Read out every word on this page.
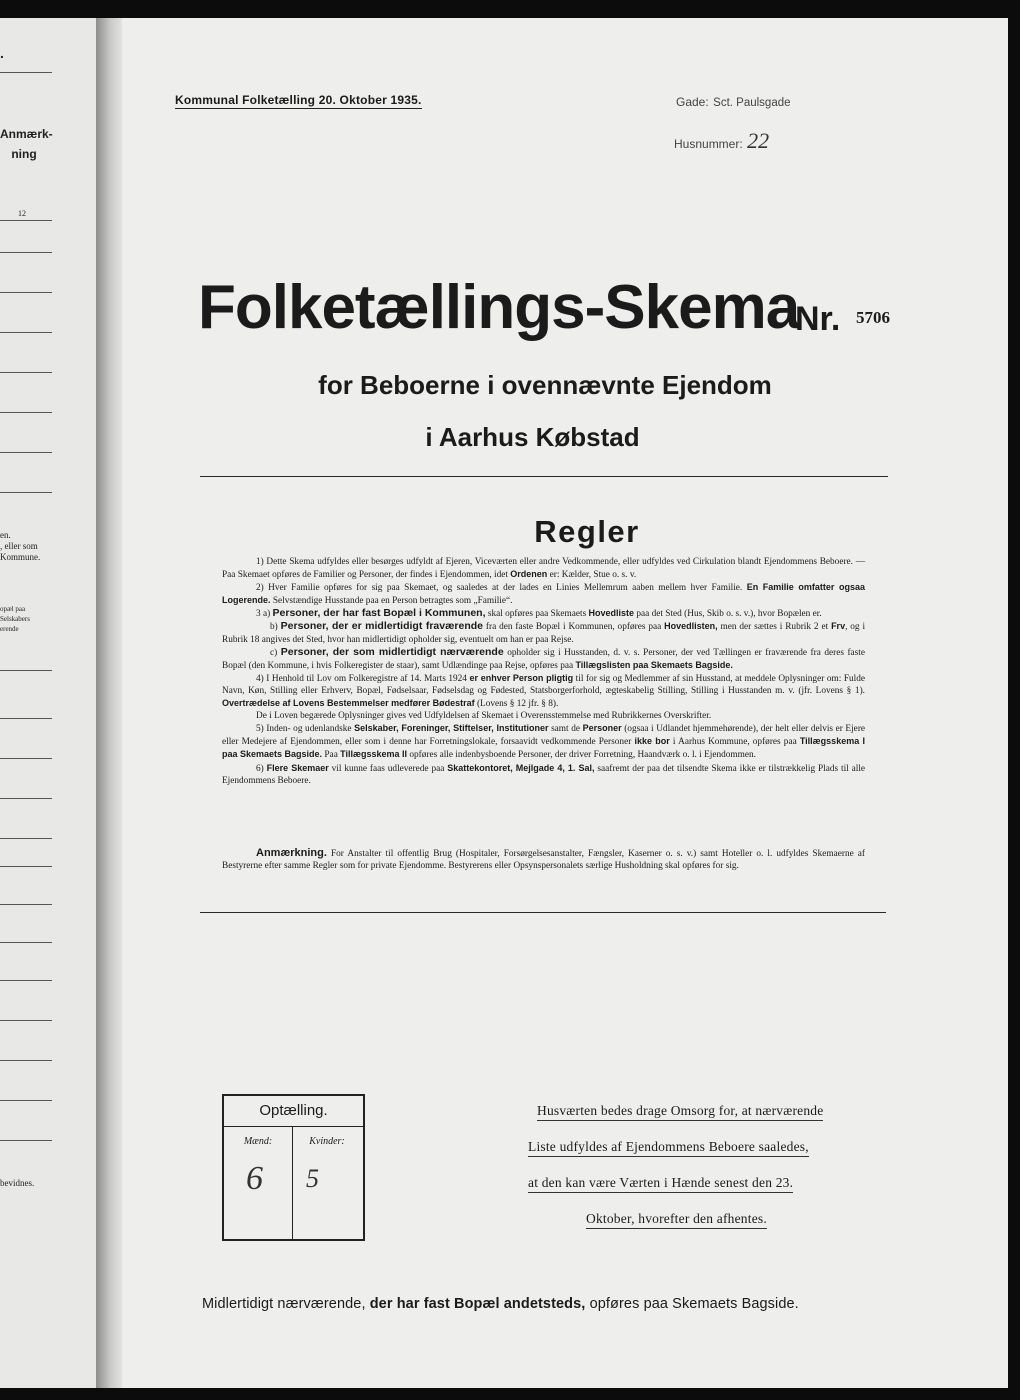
.
Anmærk-
ning
12
en.
, eller som
Kommune.
opæl paa
Selskabers
erende
bevidnes.
Kommunal Folketælling 20. Oktober 1935.	Gade: Sct. Paulsgade
Husnummer: 22
Folketællings-Skema
Nr. 5706
for Beboerne i ovennævnte Ejendom
i Aarhus Købstad
Regler

1) Dette Skema udfyldes eller besørges udfyldt af Ejeren, Viceværten eller andre Vedkommende, eller udfyldes ved Cirkulation blandt Ejendommens Beboere. — Paa Skemaet opføres de Familier og Personer, der findes i Ejendommen, idet Ordenen er: Kælder, Stue o. s. v.

2) Hver Familie opføres for sig paa Skemaet, og saaledes at der lades en Linies Mellemrum aaben mellem hver Familie. En Familie omfatter ogsaa Logerende. Selvstændige Husstande paa en Person betragtes som „Familie“.

3 a) Personer, der har fast Bopæl i Kommunen, skal opføres paa Skemaets Hovedliste paa det Sted (Hus, Skib o. s. v.), hvor Bopælen er.

b) Personer, der er midlertidigt fraværende fra den faste Bopæl i Kommunen, opføres paa Hovedlisten, men der sættes i Rubrik 2 et Frv, og i Rubrik 18 angives det Sted, hvor han midlertidigt opholder sig, eventuelt om han er paa Rejse.

c) Personer, der som midlertidigt nærværende opholder sig i Husstanden, d. v. s. Personer, der ved Tællingen er fraværende fra deres faste Bopæl (den Kommune, i hvis Folkeregister de staar), samt Udlændinge paa Rejse, opføres paa Tillægslisten paa Skemaets Bagside.

4) I Henhold til Lov om Folkeregistre af 14. Marts 1924 er enhver Person pligtig til for sig og Medlemmer af sin Husstand, at meddele Oplysninger om: Fulde Navn, Køn, Stilling eller Erhverv, Bopæl, Fødselsaar, Fødselsdag og Fødested, Statsborgerforhold, ægteskabelig Stilling, Stilling i Husstanden m. v. (jfr. Lovens § 1). Overtrædelse af Lovens Bestemmelser medfører Bødestraf (Lovens § 12 jfr. § 8).

De i Loven begærede Oplysninger gives ved Udfyldelsen af Skemaet i Overensstemmelse med Rubrikkernes Overskrifter.

5) Inden- og udenlandske Selskaber, Foreninger, Stiftelser, Institutioner samt de Personer (ogsaa i Udlandet hjemmehørende), der helt eller delvis er Ejere eller Medejere af Ejendommen, eller som i denne har Forretningslokale, forsaavidt vedkommende Personer ikke bor i Aarhus Kommune, opføres paa Tillægsskema I paa Skemaets Bagside. Paa Tillægsskema II opføres alle indenbysboende Personer, der driver Forretning, Haandværk o. l. i Ejendommen.

6) Flere Skemaer vil kunne faas udleverede paa Skattekontoret, Mejlgade 4, 1. Sal, saafremt der paa det tilsendte Skema ikke er tilstrækkelig Plads til alle Ejendommens Beboere.

Anmærkning. For Anstalter til offentlig Brug (Hospitaler, Forsørgelsesanstalter, Fængsler, Kaserner o. s. v.) samt Hoteller o. l. udfyldes Skemaerne af Bestyrerne efter samme Regler som for private Ejendomme. Bestyrerens eller Opsynspersonalets særlige Husholdning skal opføres for sig.
Optælling.
Mænd:	Kvinder:
6 5
Husværten bedes drage Omsorg for, at nærværende
Liste udfyldes af Ejendommens Beboere saaledes,
at den kan være Værten i Hænde senest den 23.
Oktober, hvorefter den afhentes.
Midlertidigt nærværende, der har fast Bopæl andetsteds, opføres paa Skemaets Bagside.
